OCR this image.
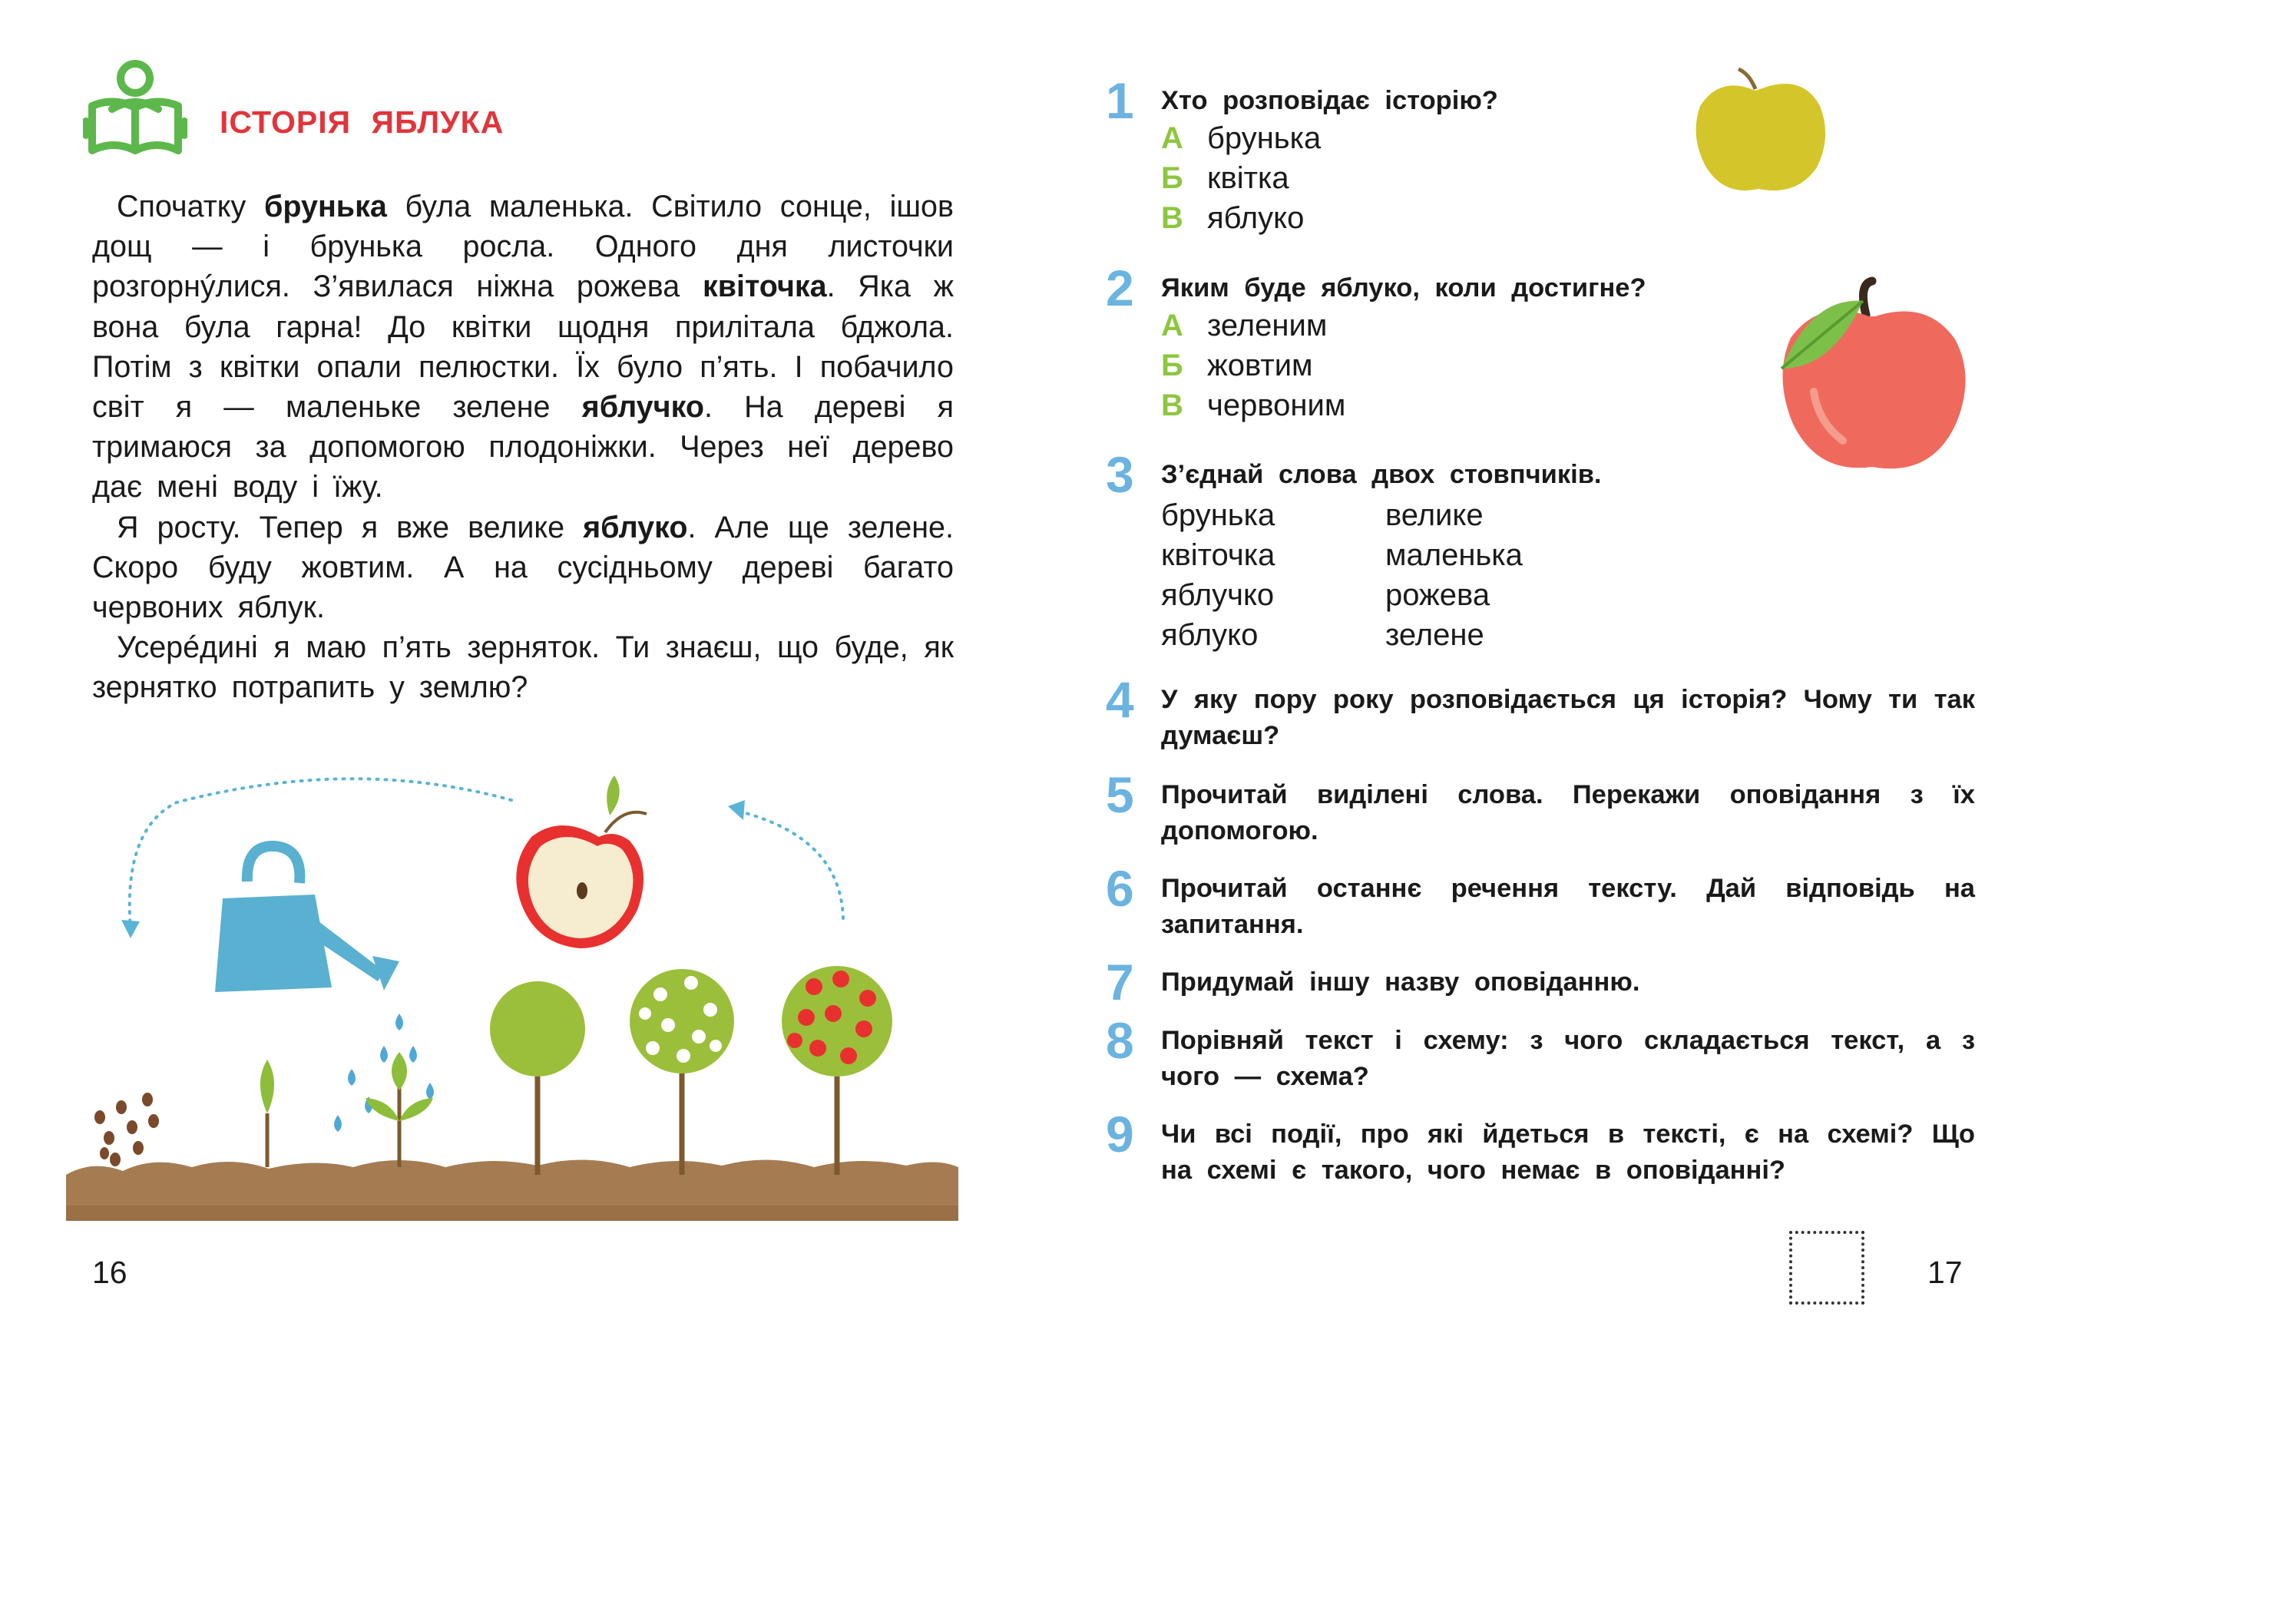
ІСТОРІЯ ЯБЛУКА

Спочатку брунька була маленька. Світило сонце, ішов дощ — і брунька росла. Одного дня листочки розгорнýлися. З’явилася ніжна рожева квіточка. Яка ж вона була гарна! До квітки щодня прилітала бджола. Потім з квітки опали пелюстки. Їх було п’ять. І побачило світ я — маленьке зелене яблучко. На дереві я тримаюся за допомогою плодоніжки. Через неї дерево дає мені воду і їжу.

Я росту. Тепер я вже велике яблуко. Але ще зелене. Скоро буду жовтим. А на сусідньому дереві багато червоних яблук.

Усерéдині я маю п’ять зерняток. Ти знаєш, що буде, як зернятко потрапить у землю?

16
1 Хто розповідає історію?
А брунька
Б квітка
В яблуко
2 Яким буде яблуко, коли достигне?
А зеленим
Б жовтим
В червоним
3 З’єднай слова двох стовпчиків.
брунька
квіточка
яблучко
яблуко
велике
маленька
рожева
зелене
4 У яку пору року розповідається ця історія? Чому ти так думаєш?
5 Прочитай виділені слова. Перекажи оповідання з їх допомогою.
6 Прочитай останнє речення тексту. Дай відповідь на запитання.
7 Придумай іншу назву оповіданню.
8 Порівняй текст і схему: з чого складається текст, а з чого — схема?
9 Чи всі події, про які йдеться в тексті, є на схемі? Що на схемі є такого, чого немає в оповіданні?
17
